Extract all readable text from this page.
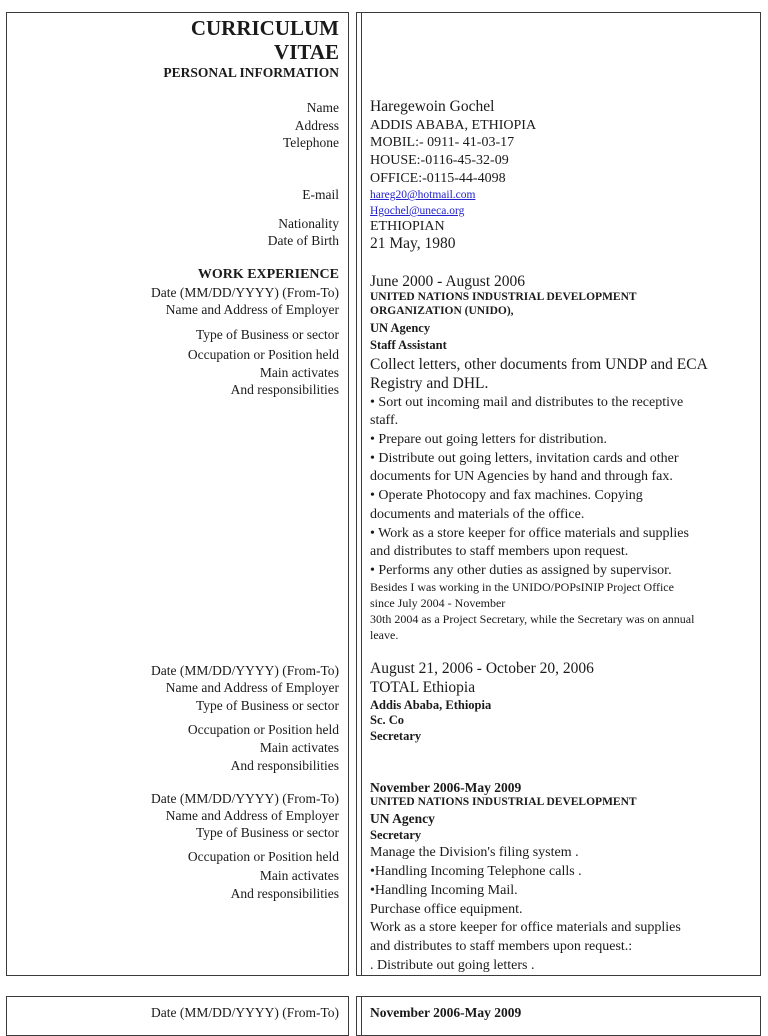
CURRICULUM
VITAE
PERSONAL INFORMATION
Name
Address
Telephone
E-mail
Nationality
Date of Birth
WORK EXPERIENCE
Date (MM/DD/YYYY) (From-To)
Name and Address of Employer
Type of Business or sector
Occupation or Position held
Main activates
And responsibilities
Date (MM/DD/YYYY) (From-To)
Name and Address of Employer
Type of Business or sector
Occupation or Position held
Main activates
And responsibilities
Date (MM/DD/YYYY) (From-To)
Name and Address of Employer
Type of Business or sector
Occupation or Position held
Main activates
And responsibilities
Date (MM/DD/YYYY) (From-To)
Haregewoin Gochel
ADDIS ABABA, ETHIOPIA
MOBIL:- 0911- 41-03-17
HOUSE:-0116-45-32-09
OFFICE:-0115-44-4098
hareg20@hotmail.com
Hgochel@uneca.org
ETHIOPIAN
21 May, 1980
June 2000 - August 2006
UNITED NATIONS INDUSTRIAL DEVELOPMENT
ORGANIZATION (UNIDO),
UN Agency
Staff Assistant
Collect letters, other documents from UNDP and ECA
Registry and DHL.
• Sort out incoming mail and distributes to the receptive
staff.
• Prepare out going letters for distribution.
• Distribute out going letters, invitation cards and other
documents for UN Agencies by hand and through fax.
• Operate Photocopy and fax machines. Copying
documents and materials of the office.
• Work as a store keeper for office materials and supplies
and distributes to staff members upon request.
• Performs any other duties as assigned by supervisor.
Besides I was working in the UNIDO/POPsINIP Project Office
since July 2004 - November
30th 2004 as a Project Secretary, while the Secretary was on annual
leave.
August 21, 2006 - October 20, 2006
TOTAL Ethiopia
Addis Ababa, Ethiopia
Sc. Co
Secretary
November 2006-May 2009
UNITED NATIONS INDUSTRIAL DEVELOPMENT
UN Agency
Secretary
Manage the Division's filing system .
•Handling Incoming Telephone calls .
•Handling Incoming Mail.
Purchase office equipment.
Work as a store keeper for office materials and supplies
and distributes to staff members upon request.:
. Distribute out going letters .
November 2006-May 2009
